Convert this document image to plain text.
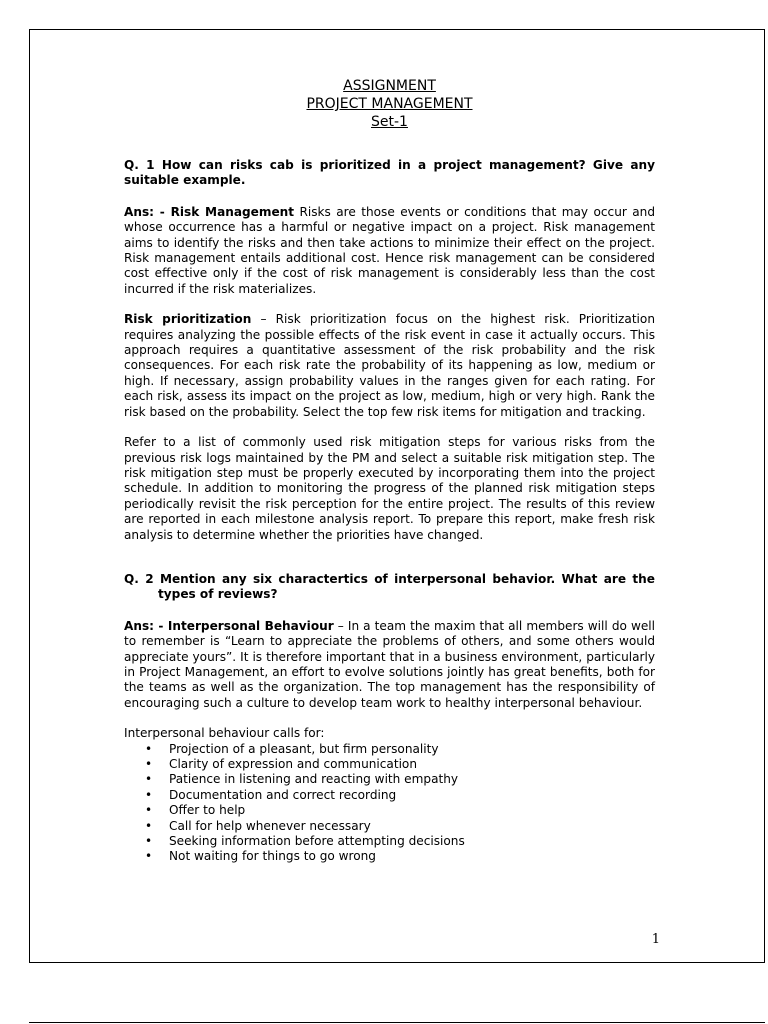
ASSIGNMENT
PROJECT MANAGEMENT
Set-1

Q. 1 How can risks cab is prioritized in a project management? Give any suitable example.

Ans: - Risk Management Risks are those events or conditions that may occur and whose occurrence has a harmful or negative impact on a project. Risk management aims to identify the risks and then take actions to minimize their effect on the project. Risk management entails additional cost. Hence risk management can be considered cost effective only if the cost of risk management is considerably less than the cost incurred if the risk materializes.

Risk prioritization – Risk prioritization focus on the highest risk. Prioritization requires analyzing the possible effects of the risk event in case it actually occurs. This approach requires a quantitative assessment of the risk probability and the risk consequences. For each risk rate the probability of its happening as low, medium or high. If necessary, assign probability values in the ranges given for each rating. For each risk, assess its impact on the project as low, medium, high or very high. Rank the risk based on the probability. Select the top few risk items for mitigation and tracking.

Refer to a list of commonly used risk mitigation steps for various risks from the previous risk logs maintained by the PM and select a suitable risk mitigation step. The risk mitigation step must be properly executed by incorporating them into the project schedule. In addition to monitoring the progress of the planned risk mitigation steps periodically revisit the risk perception for the entire project. The results of this review are reported in each milestone analysis report. To prepare this report, make fresh risk analysis to determine whether the priorities have changed.

Q. 2 Mention any six charactertics of interpersonal behavior. What are the types of reviews?

Ans: - Interpersonal Behaviour – In a team the maxim that all members will do well to remember is “Learn to appreciate the problems of others, and some others would appreciate yours”. It is therefore important that in a business environment, particularly in Project Management, an effort to evolve solutions jointly has great benefits, both for the teams as well as the organization. The top management has the responsibility of encouraging such a culture to develop team work to healthy interpersonal behaviour.

Interpersonal behaviour calls for:

• Projection of a pleasant, but firm personality
• Clarity of expression and communication
• Patience in listening and reacting with empathy
• Documentation and correct recording
• Offer to help
• Call for help whenever necessary
• Seeking information before attempting decisions
• Not waiting for things to go wrong
1
